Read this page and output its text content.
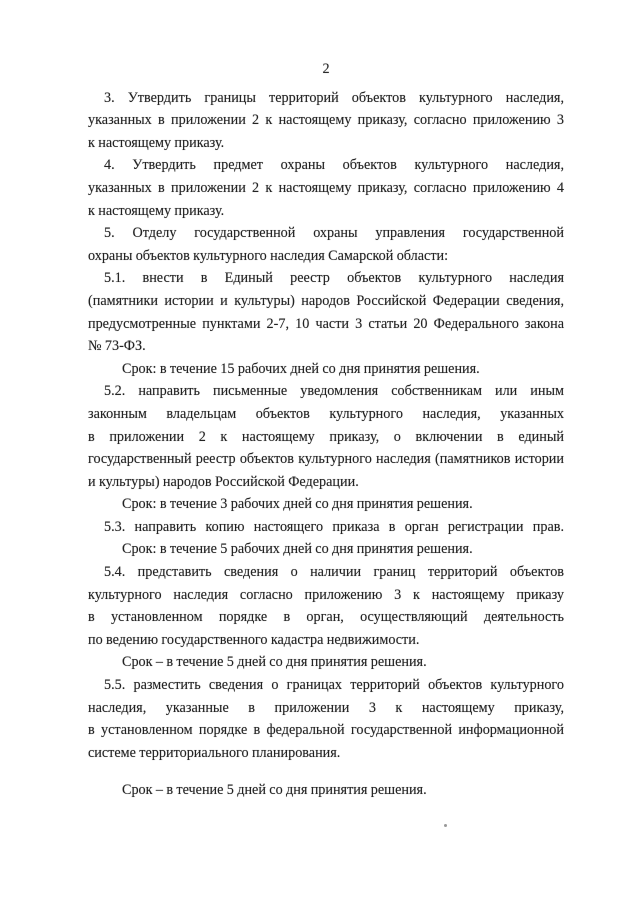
2
3. Утвердить границы территорий объектов культурного наследия,
указанных в приложении 2 к настоящему приказу, согласно приложению 3
к настоящему приказу.
4. Утвердить предмет охраны объектов культурного наследия,
указанных в приложении 2 к настоящему приказу, согласно приложению 4
к настоящему приказу.
5. Отделу государственной охраны управления государственной
охраны объектов культурного наследия Самарской области:
5.1. внести в Единый реестр объектов культурного наследия
(памятники истории и культуры) народов Российской Федерации сведения,
предусмотренные пунктами 2-7, 10 части 3 статьи 20 Федерального закона
№ 73-ФЗ.
Срок: в течение 15 рабочих дней со дня принятия решения.
5.2. направить письменные уведомления собственникам или иным
законным владельцам объектов культурного наследия, указанных
в приложении 2 к настоящему приказу, о включении в единый
государственный реестр объектов культурного наследия (памятников истории
и культуры) народов Российской Федерации.
Срок: в течение 3 рабочих дней со дня принятия решения.
5.3. направить копию настоящего приказа в орган регистрации прав.
Срок: в течение 5 рабочих дней со дня принятия решения.
5.4. представить сведения о наличии границ территорий объектов
культурного наследия согласно приложению 3 к настоящему приказу
в установленном порядке в орган, осуществляющий деятельность
по ведению государственного кадастра недвижимости.
Срок – в течение 5 дней со дня принятия решения.
5.5. разместить сведения о границах территорий объектов культурного
наследия, указанные в приложении 3 к настоящему приказу,
в установленном порядке в федеральной государственной информационной
системе территориального планирования.
Срок – в течение 5 дней со дня принятия решения.
